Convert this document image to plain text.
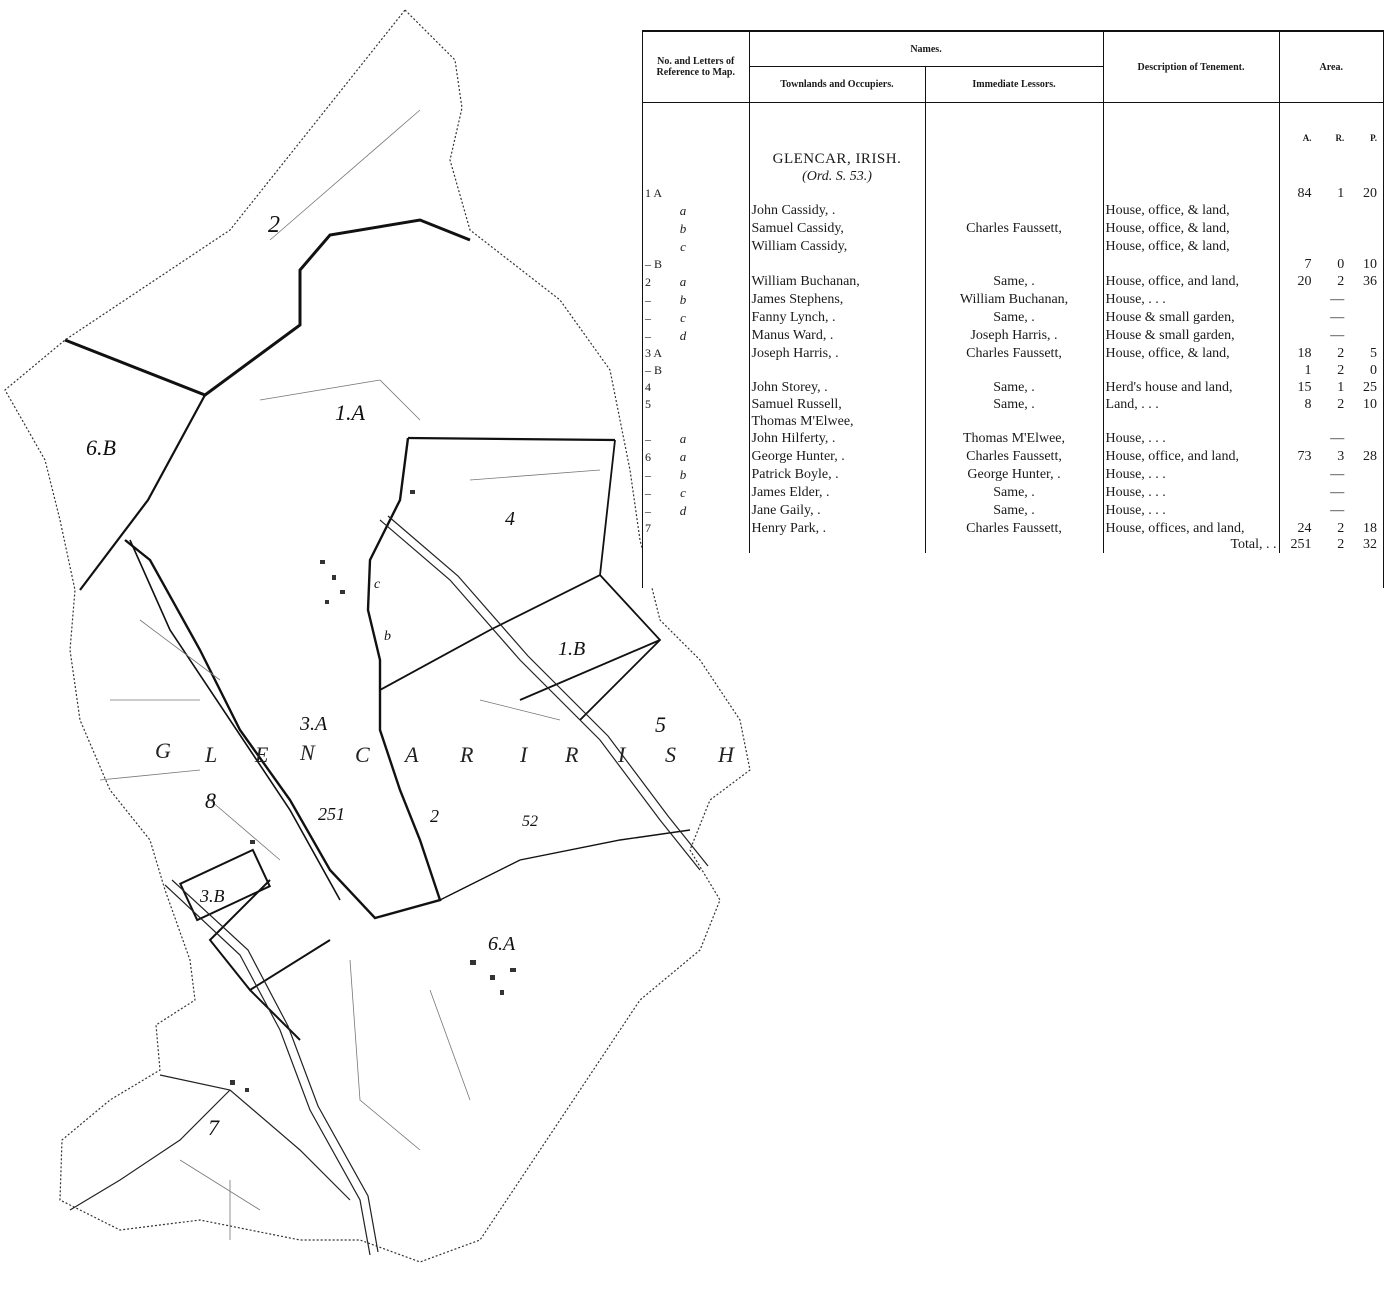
2
6.B
1.A
4
1.B
5
3.A
8
251	2	52
3.B
6.A
7
c
b
G L E N C A R I R I S H
No. and Letters of Reference to Map.	Names.		Description of Tenement.	Area.
	Townlands and Occupiers.	Immediate Lessors.		

				A. R. P.

	GLENCAR, IRISH.
(Ord. S. 53.)			

1 A				84 1 20

a	John Cassidy, .		House, office, & land,	

b	Samuel Cassidy,	Charles Faussett,	House, office, & land,	

c	William Cassidy,		House, office, & land,	

– B				7 0 10

2 a	William Buchanan,	Same, .	House, office, and land,	20 2 36

– b	James Stephens,	William Buchanan,	House, . . .	—

– c	Fanny Lynch, .	Same, .	House & small garden,	—

– d	Manus Ward, .	Joseph Harris, .	House & small garden,	—

3 A	Joseph Harris, .	Charles Faussett,	House, office, & land,	18 2 5

– B				1 2 0

4	John Storey, .	Same, .	Herd's house and land,	15 1 25

5	Samuel Russell,	Same, .	Land, . . .	8 2 10

	Thomas M'Elwee,			

– a	John Hilferty, .	Thomas M'Elwee,	House, . . .	—

6 a	George Hunter, .	Charles Faussett,	House, office, and land,	73 3 28

– b	Patrick Boyle, .	George Hunter, .	House, . . .	—

– c	James Elder, .	Same, .	House, . . .	—

– d	Jane Gaily, .	Same, .	House, . . .	—

7	Henry Park, .	Charles Faussett,	House, offices, and land,	24 2 18

			Total, . .	251 2 32
